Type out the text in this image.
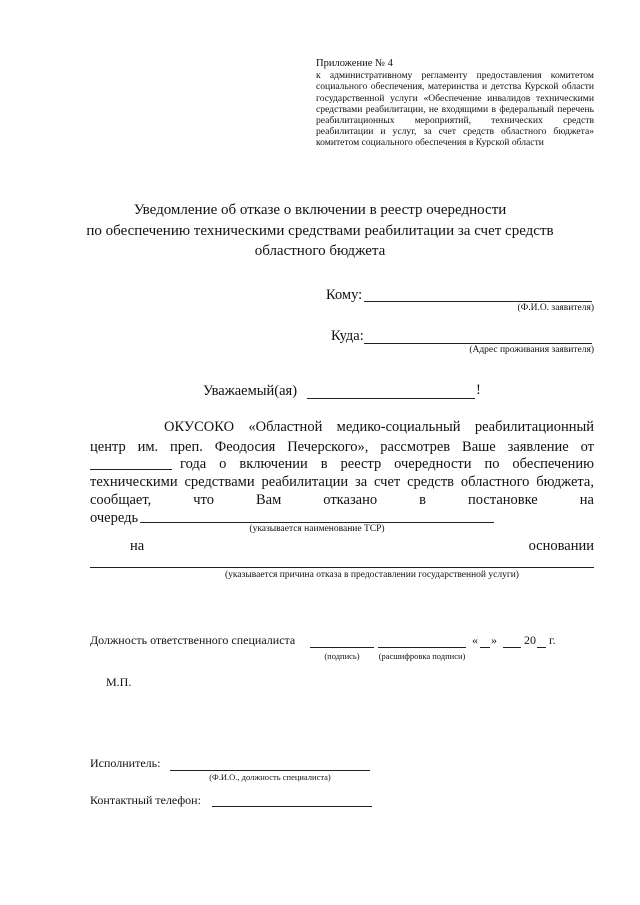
Приложение № 4
к административному регламенту предоставления комитетом социального обеспечения, материнства и детства Курской области государственной услуги «Обеспечение инвалидов техническими средствами реабилитации, не входящими в федеральный перечень реабилитационных мероприятий, технических средств реабилитации и услуг, за счет средств областного бюджета» комитетом социального обеспечения в Курской области
Уведомление об отказе о включении в реестр очередности
по обеспечению техническими средствами реабилитации за счет средств
областного бюджета
Кому:
(Ф.И.О. заявителя)
Куда:
(Адрес проживания заявителя)
Уважаемый(ая)	!
ОКУСОКО «Областной медико-социальный реабилитационный
центр им. преп. Феодосия Печерского», рассмотрев Ваше заявление от
года о включении в реестр очередности по обеспечению
техническими средствами реабилитации за счет средств областного бюджета,
сообщает,	что	Вам	отказано	в	постановке	на
очередь
(указывается наименование ТСР)
на	основании
(указывается причина отказа в предоставлении государственной услуги)
Должность ответственного специалиста	« » 20 г.
(подпись)	(расшифровка подписи)
М.П.
Исполнитель:
(Ф.И.О., должность специалиста)
Контактный телефон:
